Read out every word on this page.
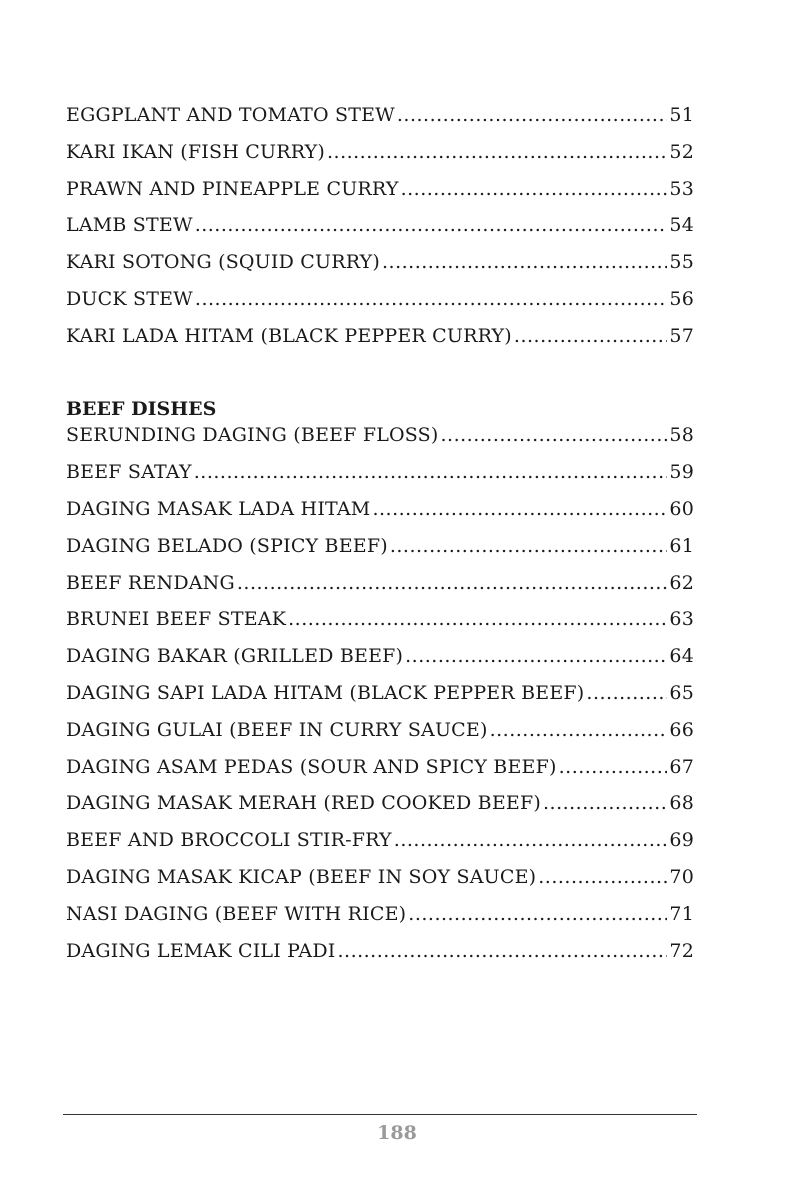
EGGPLANT AND TOMATO STEW .....	51
KARI IKAN (FISH CURRY) .....	52
PRAWN AND PINEAPPLE CURRY .....	53
LAMB STEW .....	54
KARI SOTONG (SQUID CURRY) .....	55
DUCK STEW .....	56
KARI LADA HITAM (BLACK PEPPER CURRY) .....	57
BEEF DISHES
SERUNDING DAGING (BEEF FLOSS) .....	58
BEEF SATAY .....	59
DAGING MASAK LADA HITAM .....	60
DAGING BELADO (SPICY BEEF) .....	61
BEEF RENDANG .....	62
BRUNEI BEEF STEAK .....	63
DAGING BAKAR (GRILLED BEEF) .....	64
DAGING SAPI LADA HITAM (BLACK PEPPER BEEF) .....	65
DAGING GULAI (BEEF IN CURRY SAUCE) .....	66
DAGING ASAM PEDAS (SOUR AND SPICY BEEF) .....	67
DAGING MASAK MERAH (RED COOKED BEEF) .....	68
BEEF AND BROCCOLI STIR-FRY .....	69
DAGING MASAK KICAP (BEEF IN SOY SAUCE) .....	70
NASI DAGING (BEEF WITH RICE) .....	71
DAGING LEMAK CILI PADI .....	72
188
